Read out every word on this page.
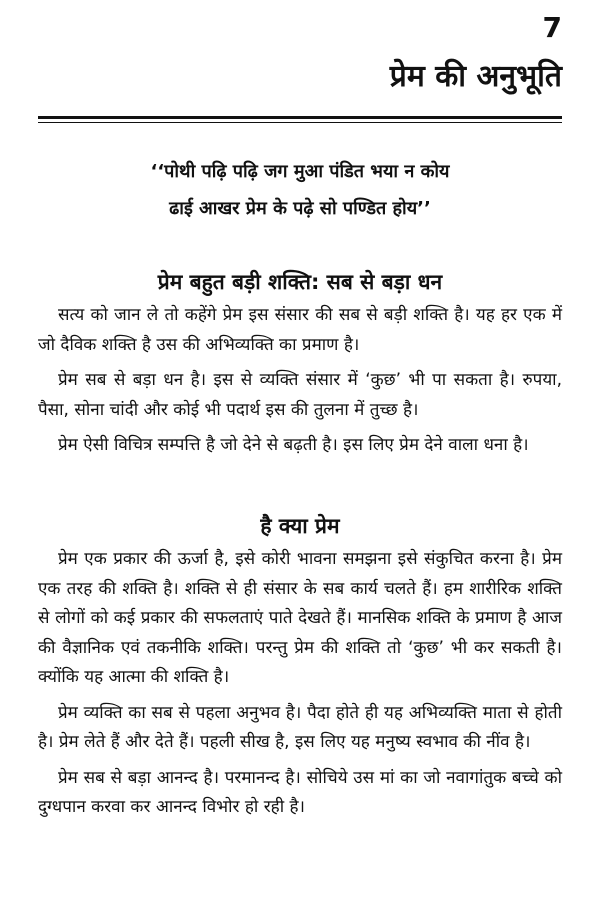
7
प्रेम की अनुभूति
‘‘पोथी पढ़ि पढ़ि जग मुआ पंडित भया न कोय
ढाई आखर प्रेम के पढ़े सो पण्डित होय’’
प्रेम बहुत बड़ी शक्ति: सब से बड़ा धन

सत्य को जान ले तो कहेंगे प्रेम इस संसार की सब से बड़ी शक्ति है। यह हर एक में जो दैविक शक्ति है उस की अभिव्यक्ति का प्रमाण है।

प्रेम सब से बड़ा धन है। इस से व्यक्ति संसार में ‘कुछ’ भी पा सकता है। रुपया, पैसा, सोना चांदी और कोई भी पदार्थ इस की तुलना में तुच्छ है।

प्रेम ऐसी विचित्र सम्पत्ति है जो देने से बढ़ती है। इस लिए प्रेम देने वाला धना है।

है क्या प्रेम

प्रेम एक प्रकार की ऊर्जा है, इसे कोरी भावना समझना इसे संकुचित करना है। प्रेम एक तरह की शक्ति है। शक्ति से ही संसार के सब कार्य चलते हैं। हम शारीरिक शक्ति से लोगों को कई प्रकार की सफलताएं पाते देखते हैं। मानसिक शक्ति के प्रमाण है आज की वैज्ञानिक एवं तकनीकि शक्ति। परन्तु प्रेम की शक्ति तो ‘कुछ’ भी कर सकती है। क्योंकि यह आत्मा की शक्ति है।

प्रेम व्यक्ति का सब से पहला अनुभव है। पैदा होते ही यह अभिव्यक्ति माता से होती है। प्रेम लेते हैं और देते हैं। पहली सीख है, इस लिए यह मनुष्य स्वभाव की नींव है।

प्रेम सब से बड़ा आनन्द है। परमानन्द है। सोचिये उस मां का जो नवागांतुक बच्चे को दुग्धपान करवा कर आनन्द विभोर हो रही है।
